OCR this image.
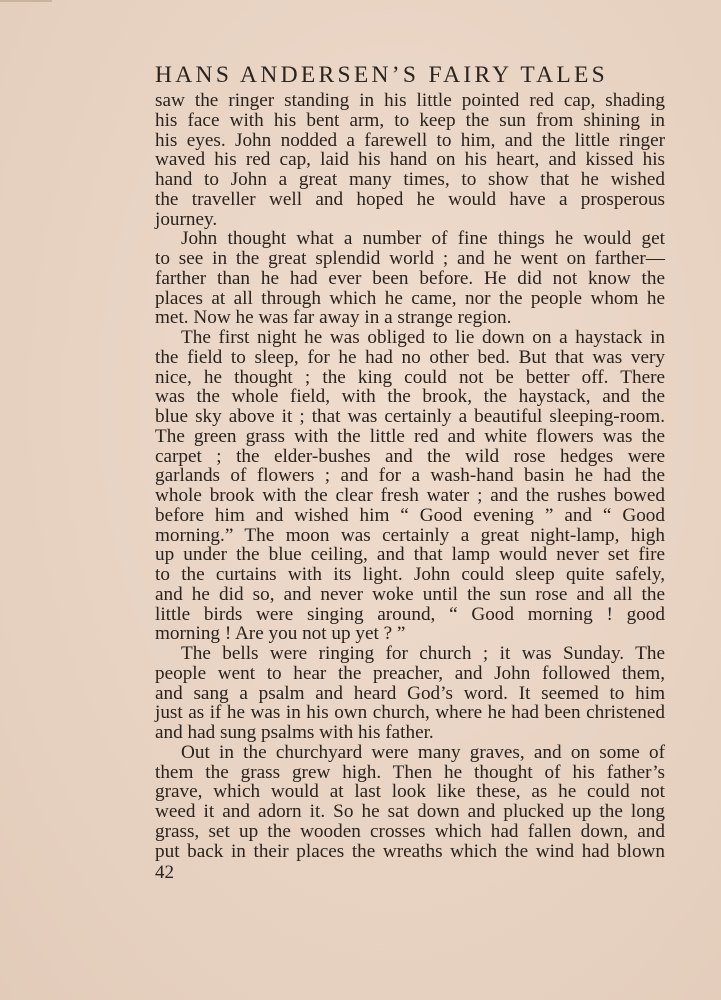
HANS ANDERSEN’S FAIRY TALES
saw the ringer standing in his little pointed red cap, shading
his face with his bent arm, to keep the sun from shining in
his eyes. John nodded a farewell to him, and the little ringer
waved his red cap, laid his hand on his heart, and kissed his
hand to John a great many times, to show that he wished
the traveller well and hoped he would have a prosperous
journey.
John thought what a number of fine things he would get
to see in the great splendid world ; and he went on farther—
farther than he had ever been before. He did not know the
places at all through which he came, nor the people whom he
met. Now he was far away in a strange region.
The first night he was obliged to lie down on a haystack in
the field to sleep, for he had no other bed. But that was very
nice, he thought ; the king could not be better off. There
was the whole field, with the brook, the haystack, and the
blue sky above it ; that was certainly a beautiful sleeping-room.
The green grass with the little red and white flowers was the
carpet ; the elder-bushes and the wild rose hedges were
garlands of flowers ; and for a wash-hand basin he had the
whole brook with the clear fresh water ; and the rushes bowed
before him and wished him “ Good evening ” and “ Good
morning.” The moon was certainly a great night-lamp, high
up under the blue ceiling, and that lamp would never set fire
to the curtains with its light. John could sleep quite safely,
and he did so, and never woke until the sun rose and all the
little birds were singing around, “ Good morning ! good
morning ! Are you not up yet ? ”
The bells were ringing for church ; it was Sunday. The
people went to hear the preacher, and John followed them,
and sang a psalm and heard God’s word. It seemed to him
just as if he was in his own church, where he had been christened
and had sung psalms with his father.
Out in the churchyard were many graves, and on some of
them the grass grew high. Then he thought of his father’s
grave, which would at last look like these, as he could not
weed it and adorn it. So he sat down and plucked up the long
grass, set up the wooden crosses which had fallen down, and
put back in their places the wreaths which the wind had blown
42
